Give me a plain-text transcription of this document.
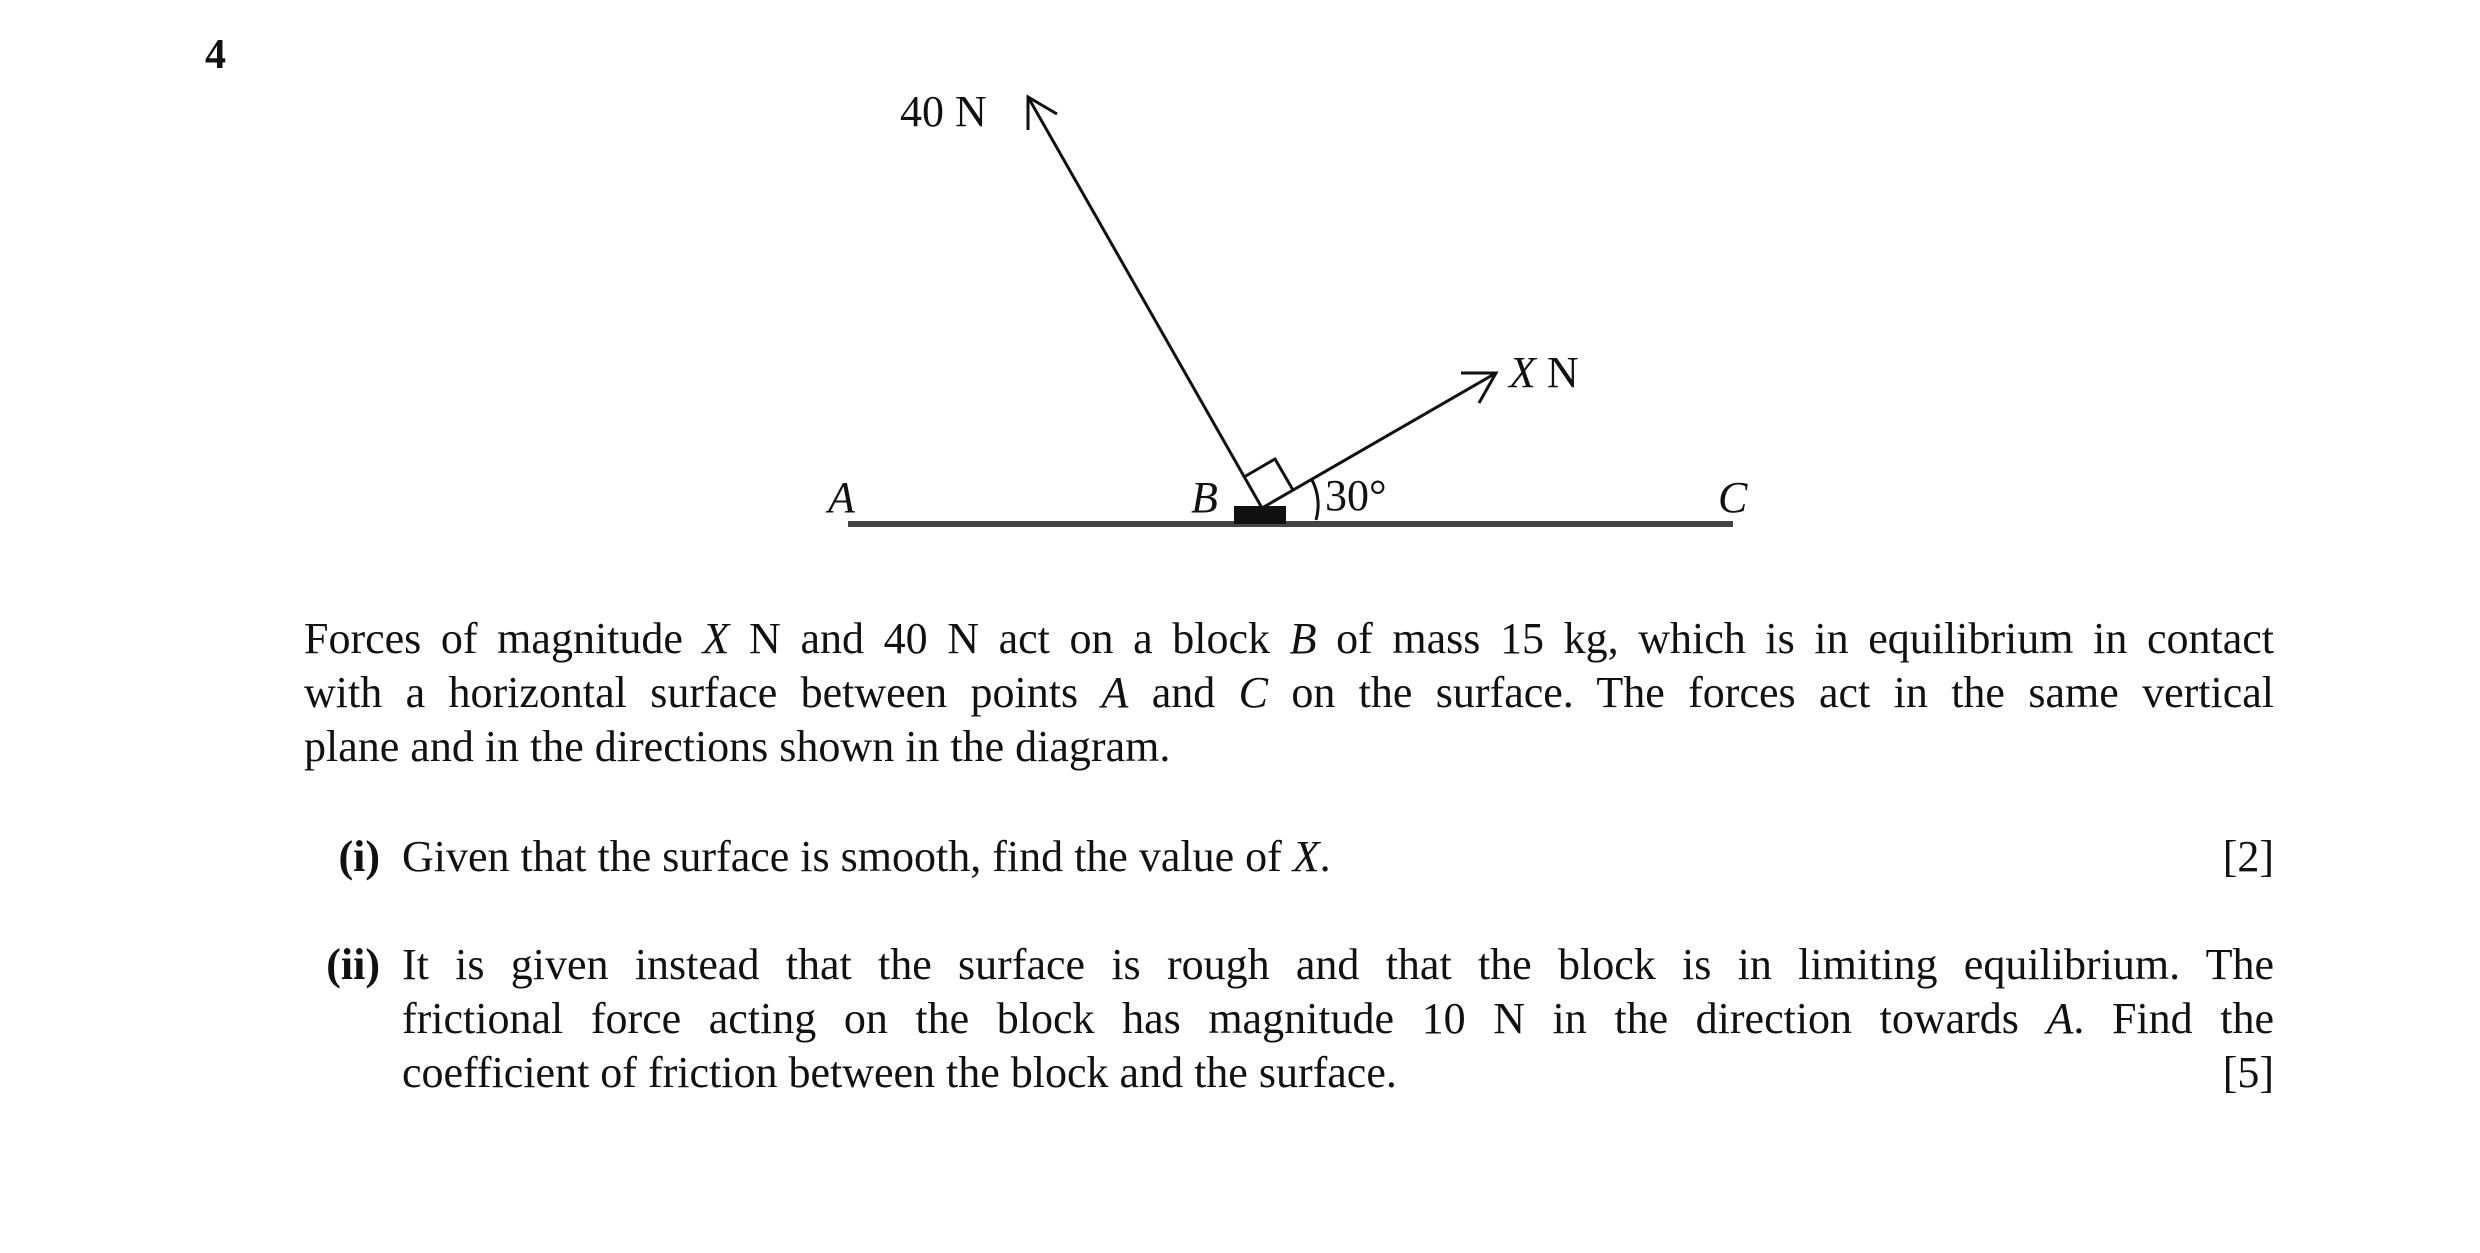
4
40 N
X N
30°
A	B	C
Forces of magnitude X N and 40 N act on a block B of mass 15 kg, which is in equilibrium in contact
with a horizontal surface between points A and C on the surface. The forces act in the same vertical
plane and in the directions shown in the diagram.
(i) Given that the surface is smooth, find the value of X.	[2]
(ii) It is given instead that the surface is rough and that the block is in limiting equilibrium. The
frictional force acting on the block has magnitude 10 N in the direction towards A. Find the
coefficient of friction between the block and the surface.	[5]
